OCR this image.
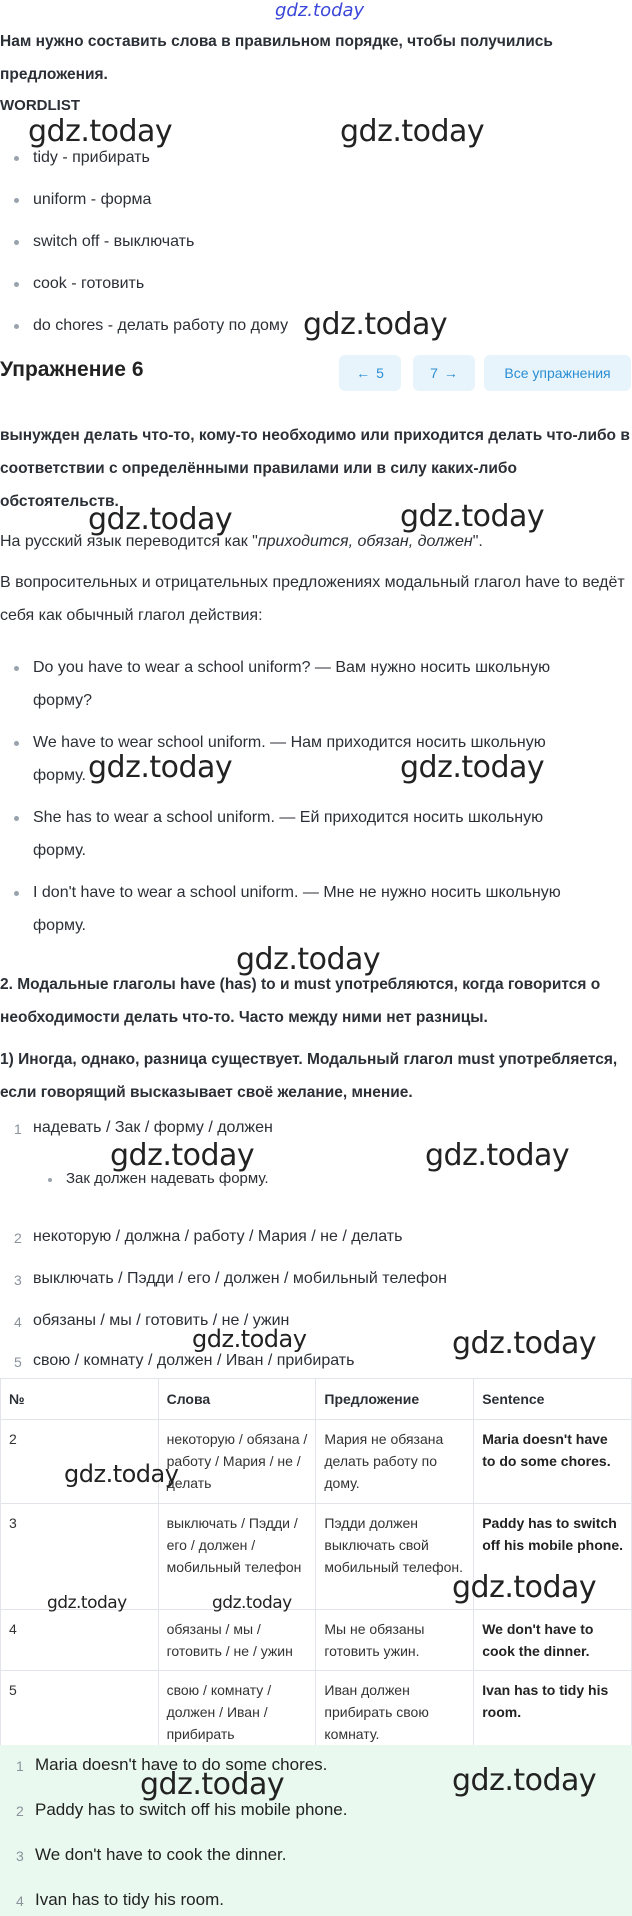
gdz.today
Нам нужно составить слова в правильном порядке, чтобы получились предложения.
WORDLIST
tidy - прибирать
uniform - форма
switch off - выключать
cook - готовить
do chores - делать работу по дому
Упражнение 6	← 5	7 →	Все упражнения
вынужден делать что-то, кому-то необходимо или приходится делать что-либо в соответствии с определёнными правилами или в силу каких-либо обстоятельств.
На русский язык переводится как "приходится, обязан, должен".
В вопросительных и отрицательных предложениях модальный глагол have to ведёт себя как обычный глагол действия:
Do you have to wear a school uniform? — Вам нужно носить школьную форму?
We have to wear school uniform. — Нам приходится носить школьную форму.
She has to wear a school uniform. — Ей приходится носить школьную форму.
I don't have to wear a school uniform. — Мне не нужно носить школьную форму.
2. Модальные глаголы have (has) to и must употребляются, когда говорится о необходимости делать что-то. Часто между ними нет разницы.
1) Иногда, однако, разница существует. Модальный глагол must употребляется, если говорящий высказывает своё желание, мнение.
1 надевать / Зак / форму / должен
Зак должен надевать форму.
2 некоторую / должна / работу / Мария / не / делать
3 выключать / Пэдди / его / должен / мобильный телефон
4 обязаны / мы / готовить / не / ужин
5 свою / комнату / должен / Иван / прибирать
№	Слова	Предложение	Sentence
2	некоторую / обязана / работу / Мария / не / делать	Мария не обязана делать работу по дому.	Maria doesn't have to do some chores.
3	выключать / Пэдди / его / должен / мобильный телефон	Пэдди должен выключать свой мобильный телефон.	Paddy has to switch off his mobile phone.
4	обязаны / мы / готовить / не / ужин	Мы не обязаны готовить ужин.	We don't have to cook the dinner.
5	свою / комнату / должен / Иван / прибирать	Иван должен прибирать свою комнату.	Ivan has to tidy his room.
1 Maria doesn't have to do some chores.
2 Paddy has to switch off his mobile phone.
3 We don't have to cook the dinner.
4 Ivan has to tidy his room.
gdz.today	gdz.today
gdz.today
gdz.today	gdz.today
gdz.today	gdz.today
gdz.today
gdz.today	gdz.today
gdz.today	gdz.today
gdz.today
gdz.today
gdz.today	gdz.today
gdz.today	gdz.today
